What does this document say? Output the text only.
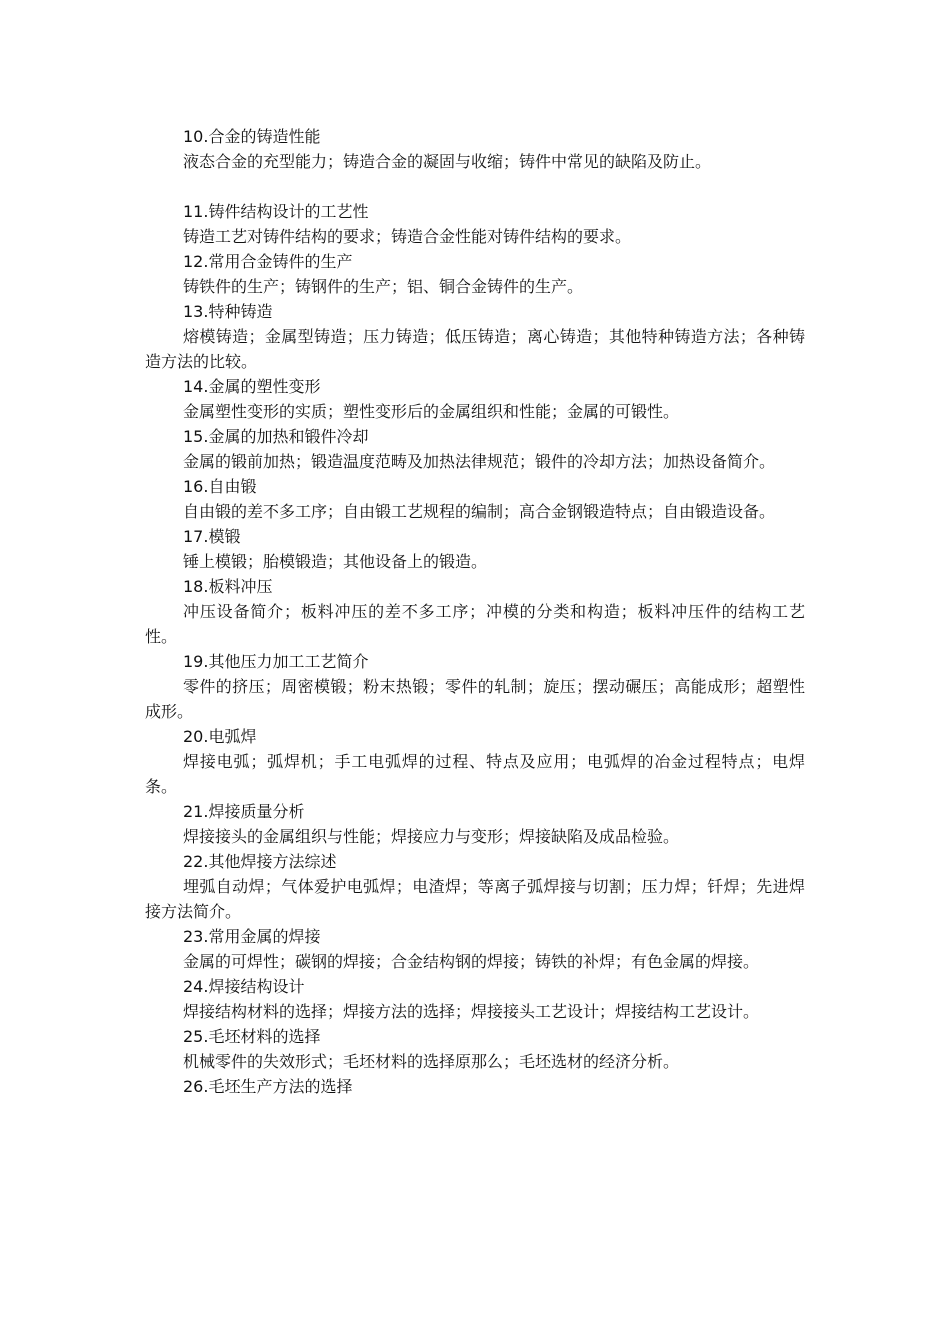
10.合金的铸造性能
液态合金的充型能力；铸造合金的凝固与收缩；铸件中常见的缺陷及防止。
11.铸件结构设计的工艺性
铸造工艺对铸件结构的要求；铸造合金性能对铸件结构的要求。
12.常用合金铸件的生产
铸铁件的生产；铸钢件的生产；铝、铜合金铸件的生产。
13.特种铸造
熔模铸造；金属型铸造；压力铸造；低压铸造；离心铸造；其他特种铸造方法；各种铸造方法的比较。
14.金属的塑性变形
金属塑性变形的实质；塑性变形后的金属组织和性能；金属的可锻性。
15.金属的加热和锻件冷却
金属的锻前加热；锻造温度范畴及加热法律规范；锻件的冷却方法；加热设备简介。
16.自由锻
自由锻的差不多工序；自由锻工艺规程的编制；高合金钢锻造特点；自由锻造设备。
17.模锻
锤上模锻；胎模锻造；其他设备上的锻造。
18.板料冲压
冲压设备简介；板料冲压的差不多工序；冲模的分类和构造；板料冲压件的结构工艺性。
19.其他压力加工工艺简介
零件的挤压；周密模锻；粉末热锻；零件的轧制；旋压；摆动碾压；高能成形；超塑性成形。
20.电弧焊
焊接电弧；弧焊机；手工电弧焊的过程、特点及应用；电弧焊的冶金过程特点；电焊条。
21.焊接质量分析
焊接接头的金属组织与性能；焊接应力与变形；焊接缺陷及成品检验。
22.其他焊接方法综述
埋弧自动焊；气体爱护电弧焊；电渣焊；等离子弧焊接与切割；压力焊；钎焊；先进焊接方法简介。
23.常用金属的焊接
金属的可焊性；碳钢的焊接；合金结构钢的焊接；铸铁的补焊；有色金属的焊接。
24.焊接结构设计
焊接结构材料的选择；焊接方法的选择；焊接接头工艺设计；焊接结构工艺设计。
25.毛坯材料的选择
机械零件的失效形式；毛坯材料的选择原那么；毛坯选材的经济分析。
26.毛坯生产方法的选择
